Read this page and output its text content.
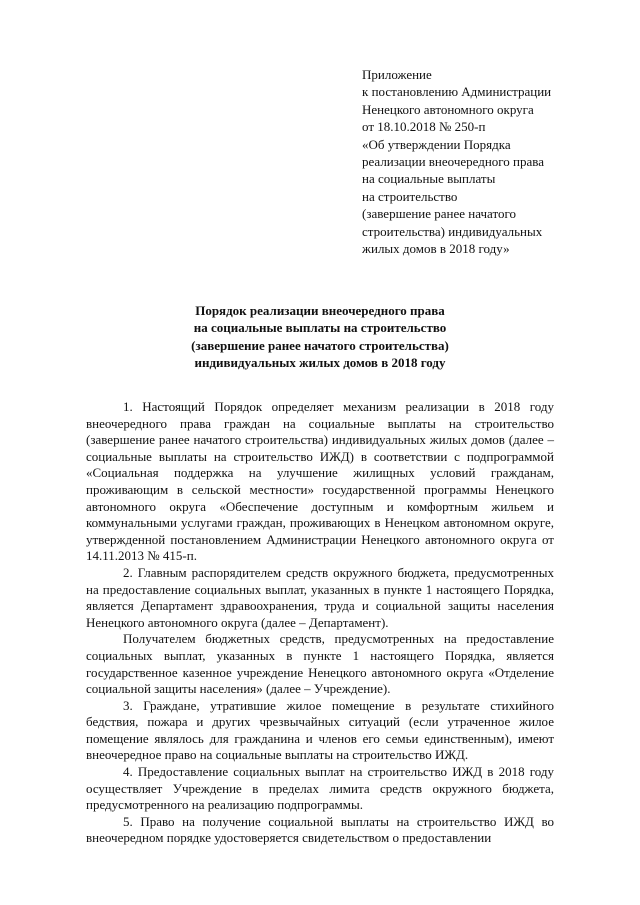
Приложение
к постановлению Администрации
Ненецкого автономного округа
от 18.10.2018 № 250-п
«Об утверждении Порядка
реализации внеочередного права
на социальные выплаты
на строительство
(завершение ранее начатого
строительства) индивидуальных
жилых домов в 2018 году»
Порядок реализации внеочередного права
на социальные выплаты на строительство
(завершение ранее начатого строительства)
индивидуальных жилых домов в 2018 году

1. Настоящий Порядок определяет механизм реализации в 2018 году внеочередного права граждан на социальные выплаты на строительство (завершение ранее начатого строительства) индивидуальных жилых домов (далее – социальные выплаты на строительство ИЖД) в соответствии с подпрограммой «Социальная поддержка на улучшение жилищных условий гражданам, проживающим в сельской местности» государственной программы Ненецкого автономного округа «Обеспечение доступным и комфортным жильем и коммунальными услугами граждан, проживающих в Ненецком автономном округе, утвержденной постановлением Администрации Ненецкого автономного округа от 14.11.2013 № 415-п.

2. Главным распорядителем средств окружного бюджета, предусмотренных на предоставление социальных выплат, указанных в пункте 1 настоящего Порядка, является Департамент здравоохранения, труда и социальной защиты населения Ненецкого автономного округа (далее – Департамент).

Получателем бюджетных средств, предусмотренных на предоставление социальных выплат, указанных в пункте 1 настоящего Порядка, является государственное казенное учреждение Ненецкого автономного округа «Отделение социальной защиты населения» (далее – Учреждение).

3. Граждане, утратившие жилое помещение в результате стихийного бедствия, пожара и других чрезвычайных ситуаций (если утраченное жилое помещение являлось для гражданина и членов его семьи единственным), имеют внеочередное право на социальные выплаты на строительство ИЖД.

4. Предоставление социальных выплат на строительство ИЖД в 2018 году осуществляет Учреждение в пределах лимита средств окружного бюджета, предусмотренного на реализацию подпрограммы.

5. Право на получение социальной выплаты на строительство ИЖД во внеочередном порядке удостоверяется свидетельством о предоставлении
